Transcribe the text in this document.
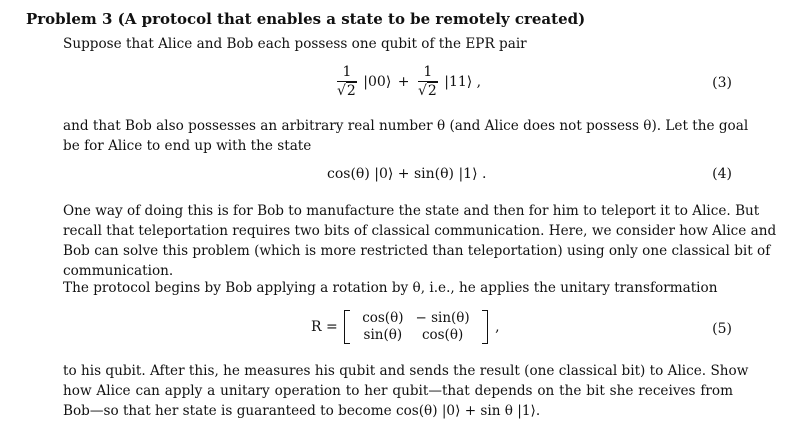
Problem 3 (A protocol that enables a state to be remotely created)
Suppose that Alice and Bob each possess one qubit of the EPR pair
$\frac{1}{√2}$ |00⟩ + $\frac{1}{√2}$ |11⟩ ,	(3)
and that Bob also possesses an arbitrary real number θ (and Alice does not possess θ). Let the goal
be for Alice to end up with the state
cos(θ) |0⟩ + sin(θ) |1⟩ .	(4)
One way of doing this is for Bob to manufacture the state and then for him to teleport it to Alice. But
recall that teleportation requires two bits of classical communication. Here, we consider how Alice and
Bob can solve this problem (which is more restricted than teleportation) using only one classical bit of
communication.
The protocol begins by Bob applying a rotation by θ, i.e., he applies the unitary transformation
R =
cos(θ)	− sin(θ)
sin(θ)	cos(θ) ,	(5)
to his qubit. After this, he measures his qubit and sends the result (one classical bit) to Alice. Show
how Alice can apply a unitary operation to her qubit—that depends on the bit she receives from
Bob—so that her state is guaranteed to become cos(θ) |0⟩ + sin θ |1⟩.
